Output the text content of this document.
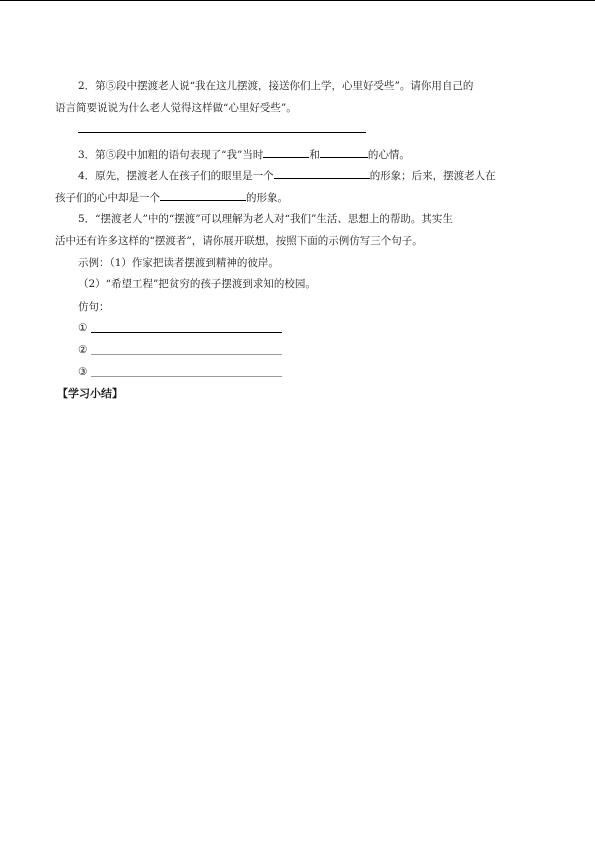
2．第⑤段中摆渡老人说“我在这儿摆渡，接送你们上学，心里好受些”。请你用自己的
语言简要说说为什么老人觉得这样做“心里好受些”。
3．第⑤段中加粗的语句表现了“我”当时	和	的心情。
4．原先，摆渡老人在孩子们的眼里是一个	的形象；后来，摆渡老人在
孩子们的心中却是一个	的形象。
5．“摆渡老人”中的“摆渡”可以理解为老人对“我们”生活、思想上的帮助。其实生
活中还有许多这样的“摆渡者”，请你展开联想，按照下面的示例仿写三个句子。
示例：（1）作家把读者摆渡到精神的彼岸。
（2）“希望工程”把贫穷的孩子摆渡到求知的校园。
仿句：
①
②
③
【学习小结】
